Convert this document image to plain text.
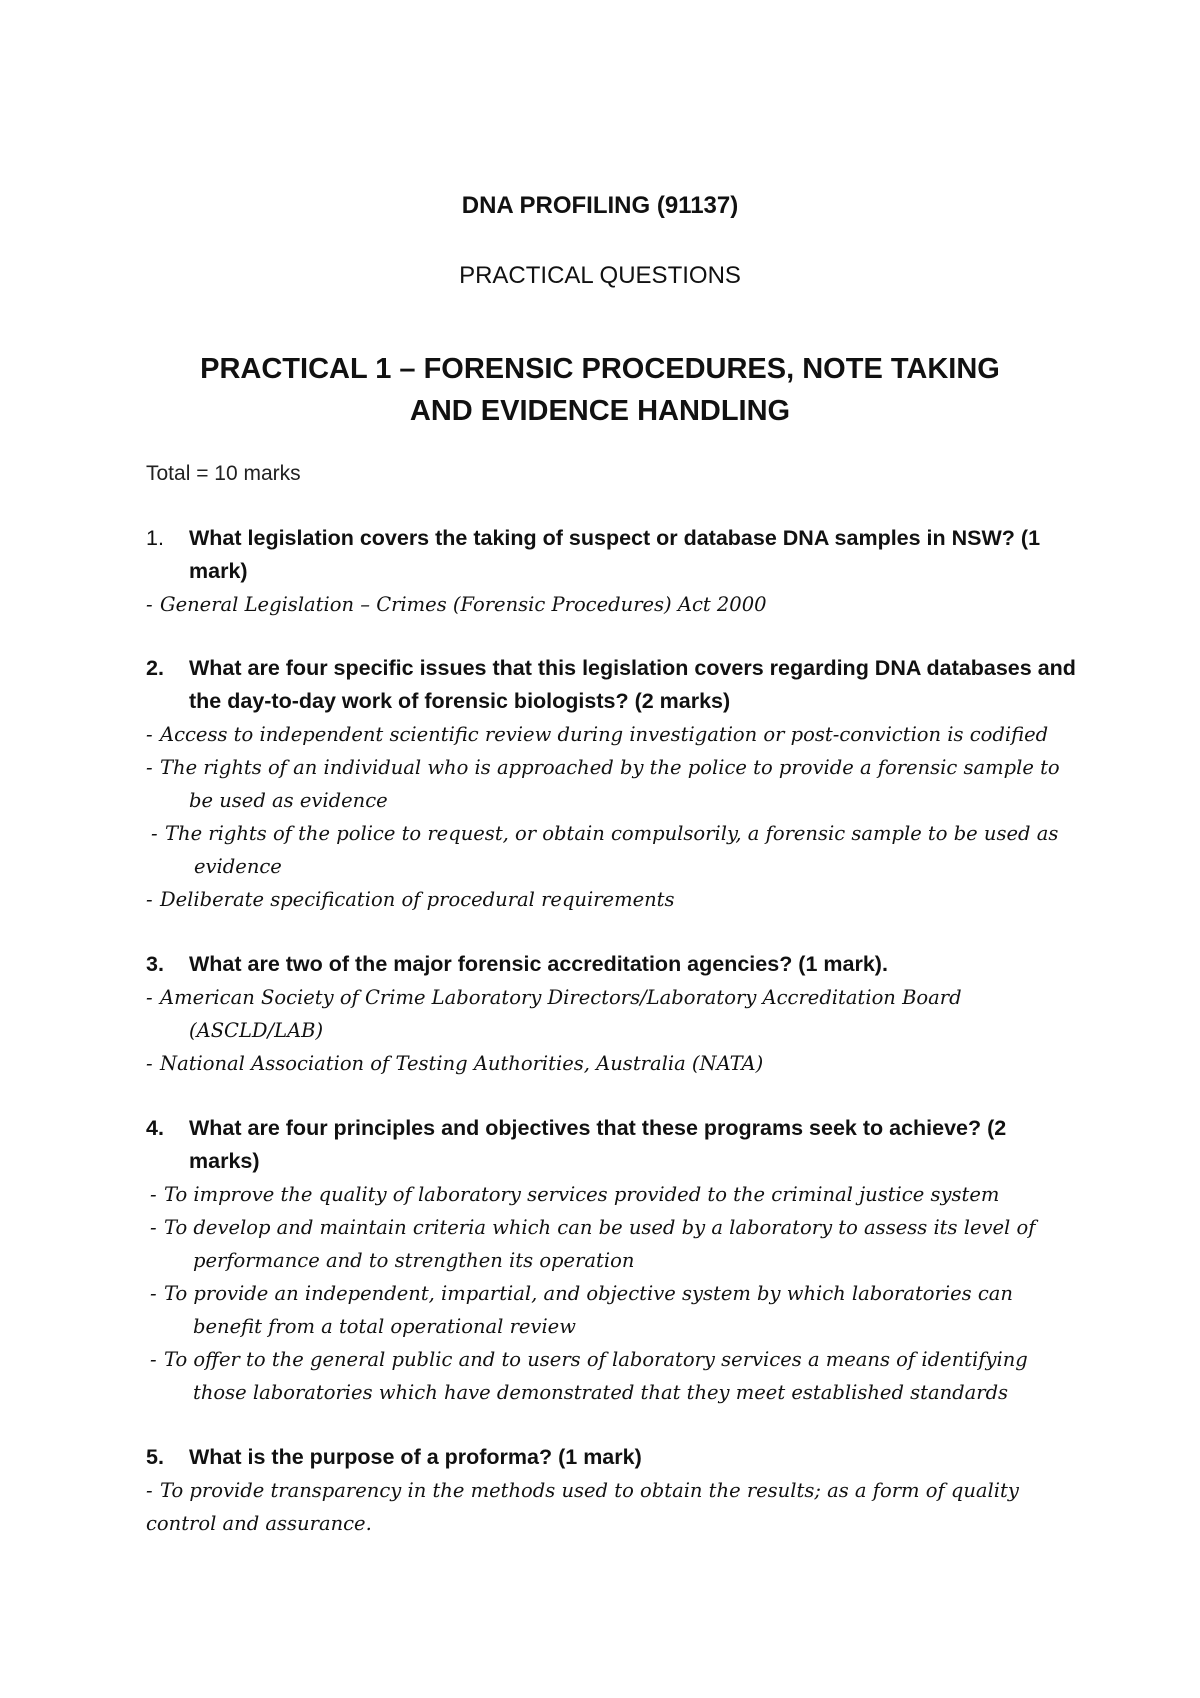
DNA PROFILING (91137)

PRACTICAL QUESTIONS

PRACTICAL 1 – FORENSIC PROCEDURES, NOTE TAKING
AND EVIDENCE HANDLING

Total = 10 marks

1.	What legislation covers the taking of suspect or database DNA samples in NSW? (1 mark)
- General Legislation – Crimes (Forensic Procedures) Act 2000
2.	What are four specific issues that this legislation covers regarding DNA databases and the day-to-day work of forensic biologists? (2 marks)
- Access to independent scientific review during investigation or post-conviction is codified
- The rights of an individual who is approached by the police to provide a forensic sample to be used as evidence
- The rights of the police to request, or obtain compulsorily, a forensic sample to be used as evidence
- Deliberate specification of procedural requirements
3.	What are two of the major forensic accreditation agencies? (1 mark).
- American Society of Crime Laboratory Directors/Laboratory Accreditation Board (ASCLD/LAB)
- National Association of Testing Authorities, Australia (NATA)
4.	What are four principles and objectives that these programs seek to achieve? (2 marks)
- To improve the quality of laboratory services provided to the criminal justice system
- To develop and maintain criteria which can be used by a laboratory to assess its level of performance and to strengthen its operation
- To provide an independent, impartial, and objective system by which laboratories can benefit from a total operational review
- To offer to the general public and to users of laboratory services a means of identifying those laboratories which have demonstrated that they meet established standards
5.	What is the purpose of a proforma? (1 mark)
- To provide transparency in the methods used to obtain the results; as a form of quality control and assurance.
